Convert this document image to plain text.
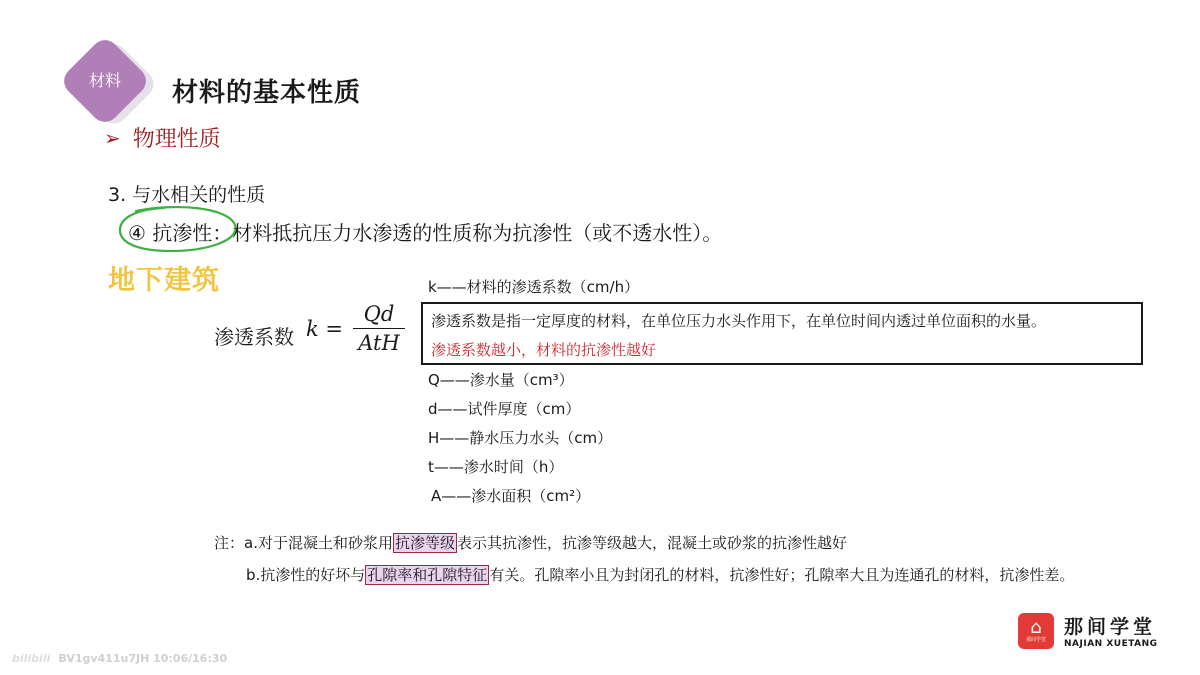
材料	材料的基本性质
➢ 物理性质
3. 与水相关的性质
④ 抗渗性：材料抵抗压力水渗透的性质称为抗渗性（或不透水性）。
地下建筑	k——材料的渗透系数（cm/h）
渗透系数 $k = \frac{Qd}{\text{AtH}}$ 渗透系数是指一定厚度的材料，在单位压力水头作用下，在单位时间内透过单位面积的水量。
渗透系数越小，材料的抗渗性越好
Q——渗水量（cm³）
d——试件厚度（cm）
H——静水压力水头（cm）
t——渗水时间（h）
A——渗水面积（cm²）
注：a.对于混凝土和砂浆用 抗渗等级 表示其抗渗性，抗渗等级越大，混凝土或砂浆的抗渗性越好
b.抗渗性的好坏与 孔隙率和孔隙特征 有关。孔隙率小且为封闭孔的材料，抗渗性好；孔隙率大且为连通孔的材料，抗渗性差。
⌂
那间学堂
那间学堂
NAJIAN XUETANG
bilibili BV1gv411u7JH 10:06/16:30
